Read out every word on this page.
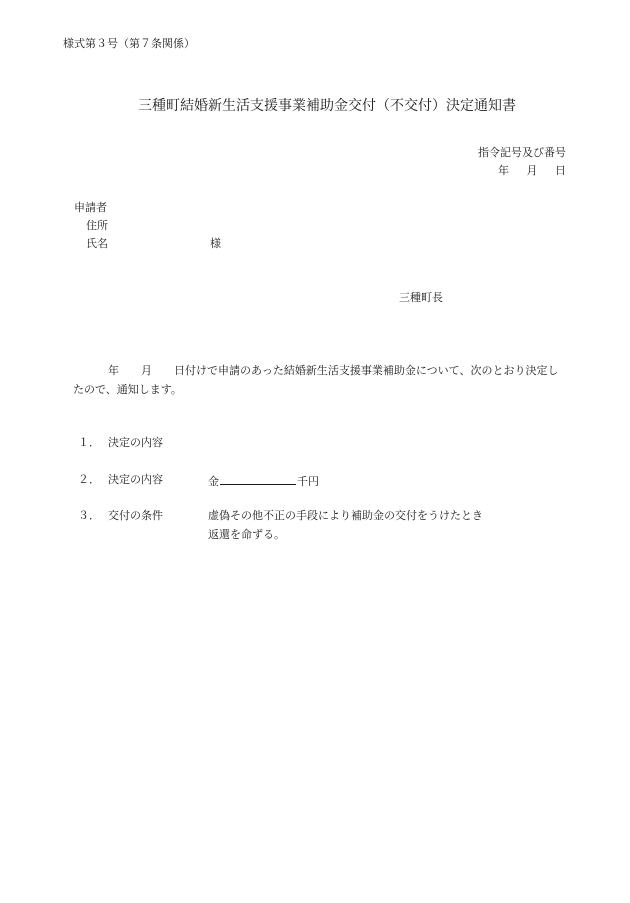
様式第３号（第７条関係）
三種町結婚新生活支援事業補助金交付（不交付）決定通知書
指令記号及び番号
年 月 日
申請者
住所
氏名	様
三種町長
年 月 日付けで申請のあった結婚新生活支援事業補助金について、次のとおり決定し
たので、通知します。
１． 決定の内容
２． 決定の内容	金	千円
３． 交付の条件	虚偽その他不正の手段により補助金の交付をうけたとき
返還を命ずる。
